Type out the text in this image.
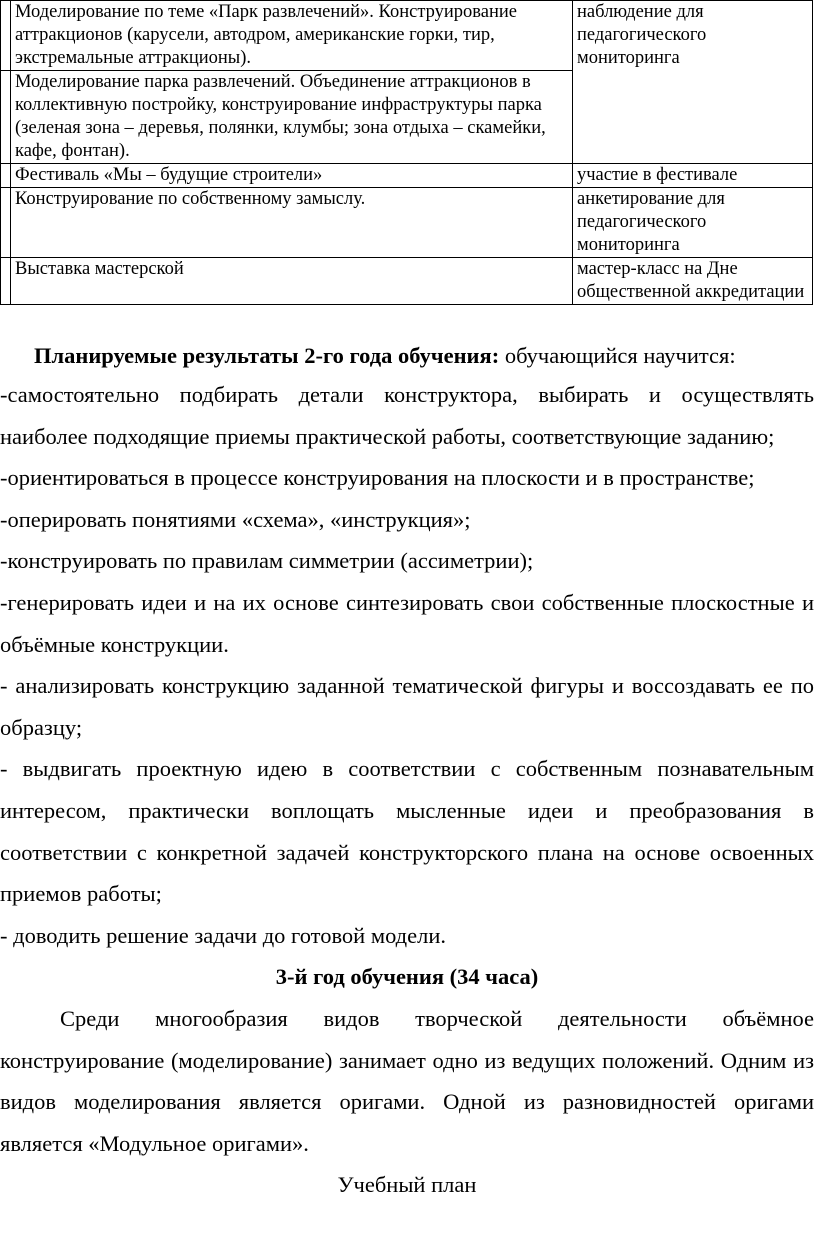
	Моделирование по теме «Парк развлечений». Конструирование аттракционов (карусели, автодром, американские горки, тир, экстремальные аттракционы).	наблюдение для педагогического мониторинга
	Моделирование парка развлечений. Объединение аттракционов в коллективную постройку, конструирование инфраструктуры парка (зеленая зона – деревья, полянки, клумбы; зона отдыха – скамейки, кафе, фонтан).	
	Фестиваль «Мы – будущие строители»	участие в фестивале
	Конструирование по собственному замыслу.	анкетирование для педагогического мониторинга
	Выставка мастерской	мастер-класс на Дне общественной аккредитации

Планируемые результаты 2-го года обучения: обучающийся научится:

-самостоятельно подбирать детали конструктора, выбирать и осуществлять наиболее подходящие приемы практической работы, соответствующие заданию;

-ориентироваться в процессе конструирования на плоскости и в пространстве;

-оперировать понятиями «схема», «инструкция»;

-конструировать по правилам симметрии (ассиметрии);

-генерировать идеи и на их основе синтезировать свои собственные плоскостные и объёмные конструкции.

- анализировать конструкцию заданной тематической фигуры и воссоздавать ее по образцу;

- выдвигать проектную идею в соответствии с собственным познавательным интересом, практически воплощать мысленные идеи и преобразования в соответствии с конкретной задачей конструкторского плана на основе освоенных приемов работы;

- доводить решение задачи до готовой модели.

3-й год обучения (34 часа)

Среди многообразия видов творческой деятельности объёмное конструирование (моделирование) занимает одно из ведущих положений. Одним из видов моделирования является оригами. Одной из разновидностей оригами является «Модульное оригами».

Учебный план
